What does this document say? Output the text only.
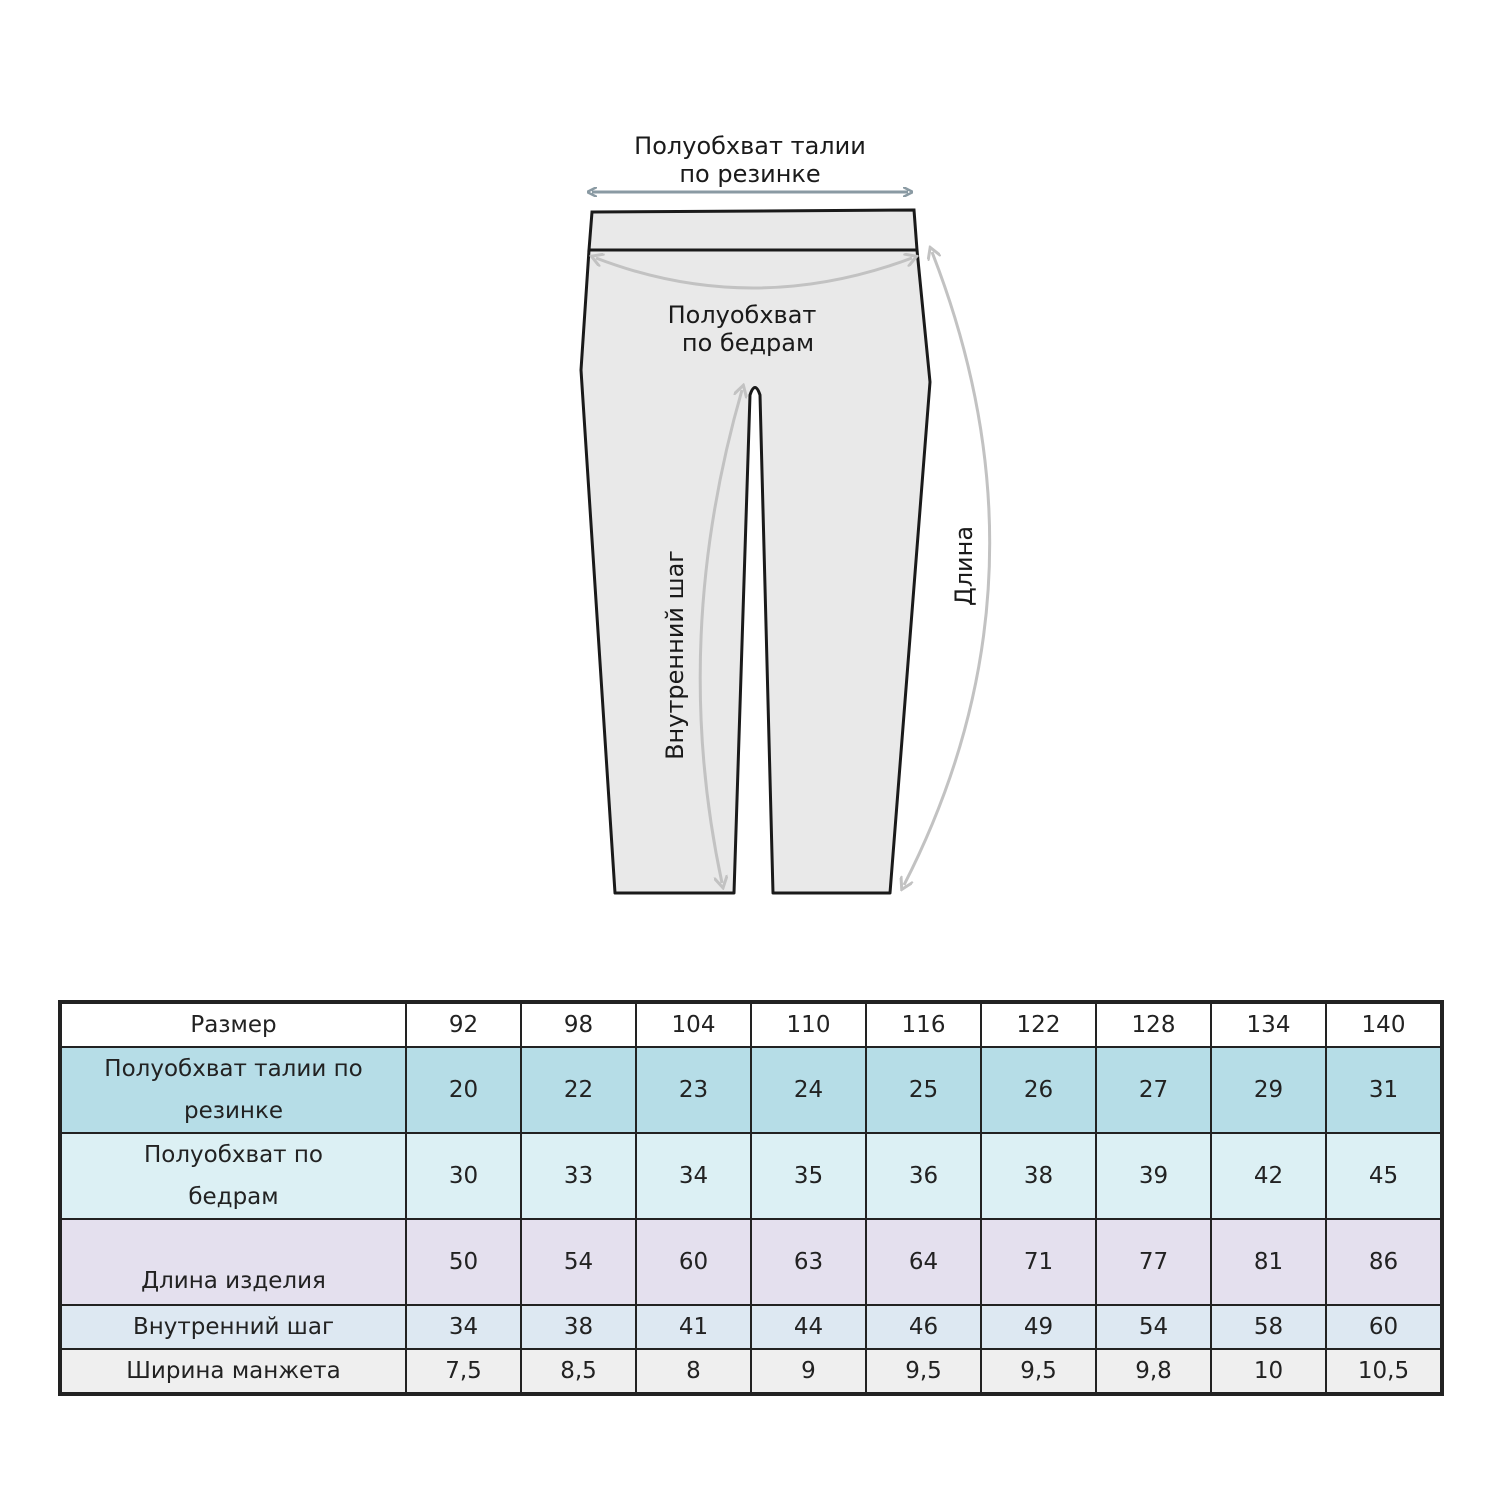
Полуобхват талии
по резинке
Полуобхват
по бедрам
Внутренний шаг	Длина
Размер	92	98	104	110	116	122	128	134	140

Полуобхват талии по
резинке	20	22	23	24	25	26	27	29	31

Полуобхват по
бедрам	30	33	34	35	36	38	39	42	45

Длина изделия	50	54	60	63	64	71	77	81	86
Внутренний шаг	34	38	41	44	46	49	54	58	60
Ширина манжета	7,5	8,5	8	9	9,5	9,5	9,8	10	10,5
